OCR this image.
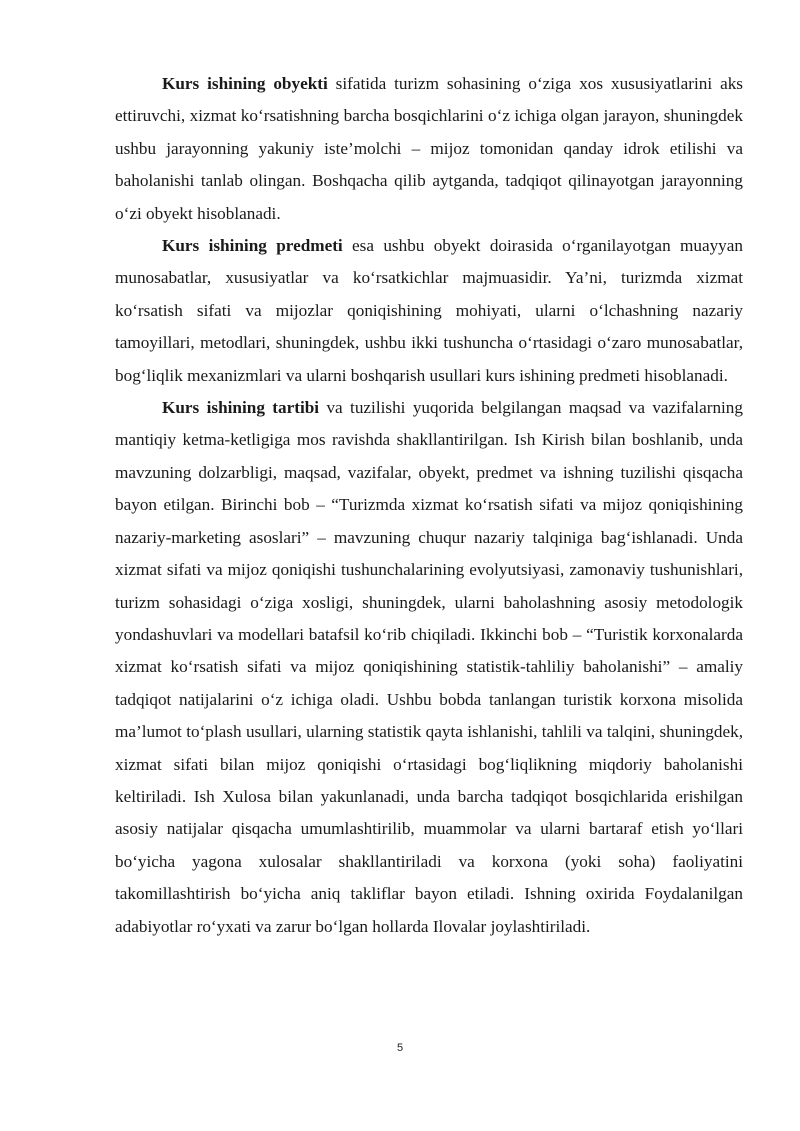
Kurs ishining obyekti sifatida turizm sohasining o‘ziga xos xususiyatlarini aks ettiruvchi, xizmat ko‘rsatishning barcha bosqichlarini o‘z ichiga olgan jarayon, shuningdek ushbu jarayonning yakuniy iste’molchi – mijoz tomonidan qanday idrok etilishi va baholanishi tanlab olingan. Boshqacha qilib aytganda, tadqiqot qilinayotgan jarayonning o‘zi obyekt hisoblanadi.

Kurs ishining predmeti esa ushbu obyekt doirasida o‘rganilayotgan muayyan munosabatlar, xususiyatlar va ko‘rsatkichlar majmuasidir. Ya’ni, turizmda xizmat ko‘rsatish sifati va mijozlar qoniqishining mohiyati, ularni o‘lchashning nazariy tamoyillari, metodlari, shuningdek, ushbu ikki tushuncha o‘rtasidagi o‘zaro munosabatlar, bog‘liqlik mexanizmlari va ularni boshqarish usullari kurs ishining predmeti hisoblanadi.

Kurs ishining tartibi va tuzilishi yuqorida belgilangan maqsad va vazifalarning mantiqiy ketma-ketligiga mos ravishda shakllantirilgan. Ish Kirish bilan boshlanib, unda mavzuning dolzarbligi, maqsad, vazifalar, obyekt, predmet va ishning tuzilishi qisqacha bayon etilgan. Birinchi bob – “Turizmda xizmat ko‘rsatish sifati va mijoz qoniqishining nazariy-marketing asoslari” – mavzuning chuqur nazariy talqiniga bag‘ishlanadi. Unda xizmat sifati va mijoz qoniqishi tushunchalarining evolyutsiyasi, zamonaviy tushunishlari, turizm sohasidagi o‘ziga xosligi, shuningdek, ularni baholashning asosiy metodologik yondashuvlari va modellari batafsil ko‘rib chiqiladi. Ikkinchi bob – “Turistik korxonalarda xizmat ko‘rsatish sifati va mijoz qoniqishining statistik-tahliliy baholanishi” – amaliy tadqiqot natijalarini o‘z ichiga oladi. Ushbu bobda tanlangan turistik korxona misolida ma’lumot to‘plash usullari, ularning statistik qayta ishlanishi, tahlili va talqini, shuningdek, xizmat sifati bilan mijoz qoniqishi o‘rtasidagi bog‘liqlikning miqdoriy baholanishi keltiriladi. Ish Xulosa bilan yakunlanadi, unda barcha tadqiqot bosqichlarida erishilgan asosiy natijalar qisqacha umumlashtirilib, muammolar va ularni bartaraf etish yo‘llari bo‘yicha yagona xulosalar shakllantiriladi va korxona (yoki soha) faoliyatini takomillashtirish bo‘yicha aniq takliflar bayon etiladi. Ishning oxirida Foydalanilgan adabiyotlar ro‘yxati va zarur bo‘lgan hollarda Ilovalar joylashtiriladi.

5
